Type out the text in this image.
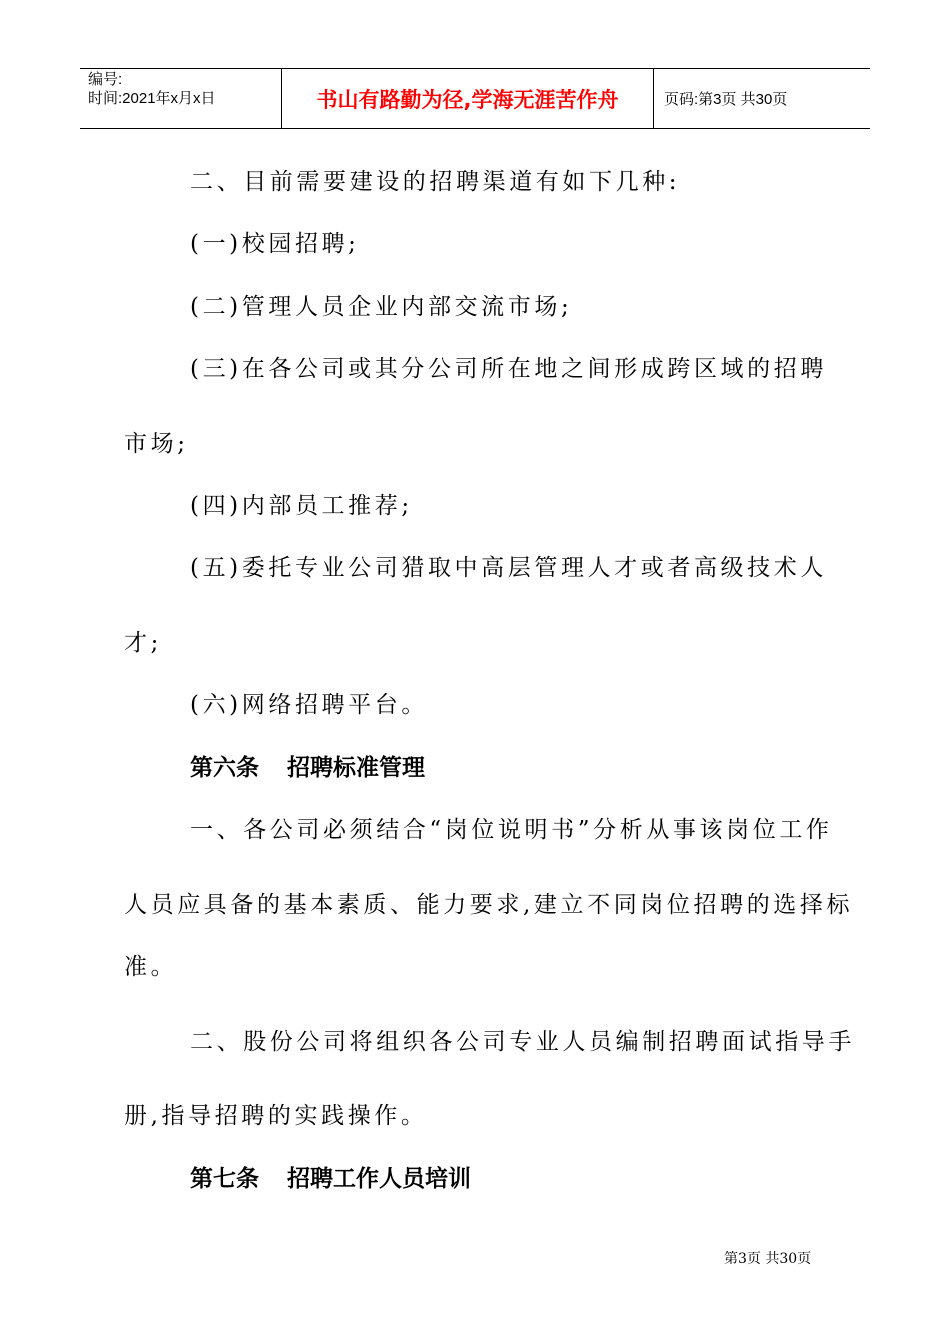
编号:
时间:2021年x月x日	书山有路勤为径,学海无涯苦作舟	页码:第3页 共30页
二、目前需要建设的招聘渠道有如下几种:
(一)校园招聘;
(二)管理人员企业内部交流市场;
(三)在各公司或其分公司所在地之间形成跨区域的招聘
市场;
(四)内部员工推荐;
(五)委托专业公司猎取中高层管理人才或者高级技术人
才;
(六)网络招聘平台。
第六条 招聘标准管理
一、各公司必须结合“岗位说明书”分析从事该岗位工作
人员应具备的基本素质、能力要求,建立不同岗位招聘的选择标
准。
二、股份公司将组织各公司专业人员编制招聘面试指导手
册,指导招聘的实践操作。
第七条 招聘工作人员培训
第3页 共30页
